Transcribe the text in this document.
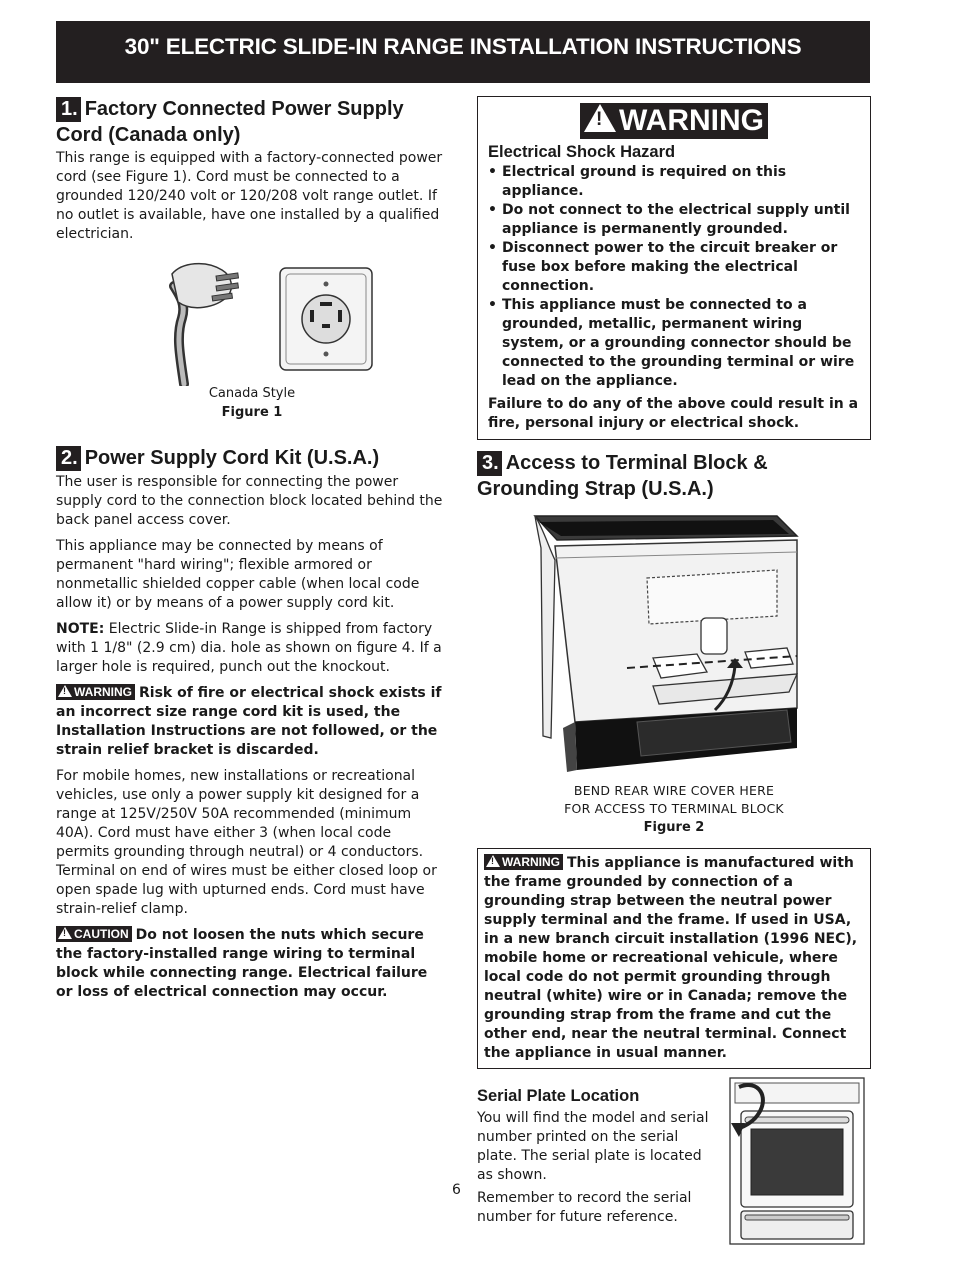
30" ELECTRIC SLIDE-IN RANGE INSTALLATION INSTRUCTIONS
1. Factory Connected Power Supply Cord (Canada only)

This range is equipped with a factory-connected power cord (see Figure 1). Cord must be connected to a grounded 120/240 volt or 120/208 volt range outlet. If no outlet is available, have one installed by a qualified electrician.

Canada Style
Figure 1
2. Power Supply Cord Kit (U.S.A.)

The user is responsible for connecting the power supply cord to the connection block located behind the back panel access cover.

This appliance may be connected by means of permanent "hard wiring"; flexible armored or nonmetallic shielded copper cable (when local code allow it) or by means of a power supply cord kit.

NOTE: Electric Slide-in Range is shipped from factory with 1 1/8" (2.9 cm) dia. hole as shown on figure 4. If a larger hole is required, punch out the knockout.

!WARNING Risk of fire or electrical shock exists if an incorrect size range cord kit is used, the Installation Instructions are not followed, or the strain relief bracket is discarded.

For mobile homes, new installations or recreational vehicles, use only a power supply kit designed for a range at 125V/250V 50A recommended (minimum 40A). Cord must have either 3 (when local code permits grounding through neutral) or 4 conductors. Terminal on end of wires must be either closed loop or open spade lug with upturned ends. Cord must have strain-relief clamp.

!CAUTION Do not loosen the nuts which secure the factory-installed range wiring to terminal block while connecting range. Electrical failure or loss of electrical connection may occur.

!WARNING
Electrical Shock Hazard
• Electrical ground is required on this appliance.
• Do not connect to the electrical supply until appliance is permanently grounded.
• Disconnect power to the circuit breaker or fuse box before making the electrical connection.
• This appliance must be connected to a grounded, metallic, permanent wiring system, or a grounding connector should be connected to the grounding terminal or wire lead on the appliance.

Failure to do any of the above could result in a fire, personal injury or electrical shock.

3. Access to Terminal Block & Grounding Strap (U.S.A.)
BEND REAR WIRE COVER HERE
FOR ACCESS TO TERMINAL BLOCK
Figure 2

!WARNING This appliance is manufactured with the frame grounded by connection of a grounding strap between the neutral power supply terminal and the frame. If used in USA, in a new branch circuit installation (1996 NEC), mobile home or recreational vehicule, where local code do not permit grounding through neutral (white) wire or in Canada; remove the grounding strap from the frame and cut the other end, near the neutral terminal. Connect the appliance in usual manner.

Serial Plate Location

You will find the model and serial number printed on the serial plate. The serial plate is located as shown.

Remember to record the serial number for future reference.

6
